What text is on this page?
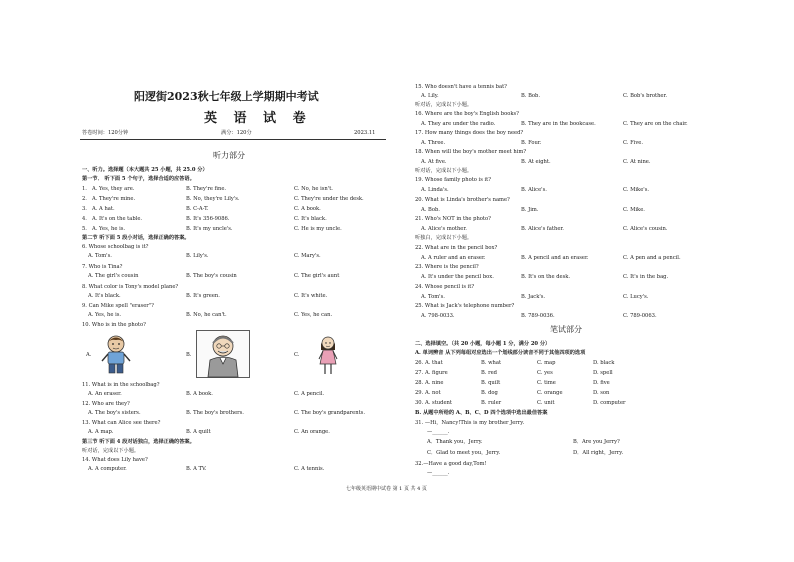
阳逻街2023秋七年级上学期期中考试
英 语 试 卷
答卷时间：120分钟	满分：120分	2023.11
听力部分
一、听力。选择题（本大题共 25 小题，共 25.0 分）
第一节． 听下面 5 个句子，选择合适的应答语。
1. A. Yes, they are.	B. They're fine.	C. No, he isn't.
2. A. They're mine.	B. No, they're Lily's.	C. They're under the desk.
3. A. A hat.	B. C-A-T.	C. A book.
4. A. It's on the table.	B. It's 356-9086.	C. It's black.
5. A. Yes, he is.	B. It's my uncle's.	C. He is my uncle.
第二节 听下面 5 段小对话，选择正确的答案。
6. Whose schoolbag is it?
A. Tom's.	B. Lily's.	C. Mary's.
7. Who is Tina?
A. The girl's cousin	B. The boy's cousin	C. The girl's aunt
8. What color is Tony's model plane?
A. It's black.	B. It's green.	C. It's white.
9. Can Mike spell "eraser"?
A. Yes, he is.	B. No, he can't.	C. Yes, he can.
10. Who is in the photo?
A.	B.	C.
11. What is in the schoolbag?
A. An eraser.	B. A book.	C. A pencil.
12. Who are they?
A. The boy's sisters.	B. The boy's brothers.	C. The boy's grandparents.
13. What can Alice see there?
A. A map.	B. A quilt	C. An orange.
第三节 听下面 4 段对话独白，选择正确的答案。
听对话，完成以下小题。
14. What does Lily have?
A. A computer.	B. A TV.	C. A tennis.
15. Who doesn't have a tennis bat?
A. Lily.	B. Bob.	C. Bob's brother.
听对话，完成以下小题。
16. Where are the boy's English books?
A. They are under the radio.	B. They are in the bookcase.	C. They are on the chair.
17. How many things does the boy need?
A. Three.	B. Four.	C. Five.
18. When will the boy's mother meet him?
A. At five.	B. At eight.	C. At nine.
听对话，完成以下小题。
19. Whose family photo is it?
A. Linda's.	B. Alice's.	C. Mike's.
20. What is Linda's brother's name?
A. Bob.	B. Jim.	C. Mike.
21. Who's NOT in the photo?
A. Alice's mother.	B. Alice's father.	C. Alice's cousin.
听独白，完成以下小题。
22. What are in the pencil box?
A. A ruler and an eraser.	B. A pencil and an eraser.	C. A pen and a pencil.
23. Where is the pencil?
A. It's under the pencil box.	B. It's on the desk.	C. It's in the bag.
24. Whose pencil is it?
A. Tom's.	B. Jack's.	C. Lucy's.
25. What is Jack's telephone number?
A. 798-0033.	B. 789-0036.	C. 789-0063.
笔试部分
二、选择填空。（共 20 小题，每小题 1 分，满分 20 分）
A. 单词辨音 从下列每组对应选出一个划线部分读音不同于其他四项的选项
26. A. that	B. what	C. map	D. black
27. A. figure	B. red	C. yes	D. spell
28. A. nine	B. quilt	C. time	D. five
29. A. not	B. dog	C. orange	D. son
30. A. student	B. ruler	C. unit	D. computer
B. 从题中所给的 A、B、C、D 四个选项中选出最佳答案
31. —Hi，Nancy!This is my brother Jerry.
—______.
A．Thank you，Jerry.	B．Are you Jerry?
C．Glad to meet you，Jerry.	D．All right，Jerry.
32.—Have a good day,Tom!
—______.
七年级英语期中试卷 第 1 页 共 4 页
